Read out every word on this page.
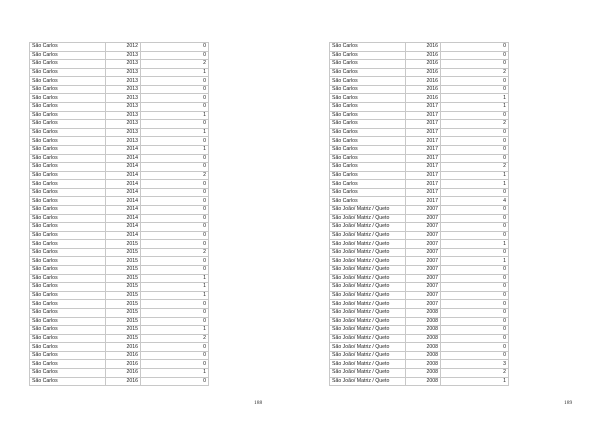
São Carlos	2012	0
São Carlos	2013	0
São Carlos	2013	2
São Carlos	2013	1
São Carlos	2013	0
São Carlos	2013	0
São Carlos	2013	0
São Carlos	2013	0
São Carlos	2013	1
São Carlos	2013	0
São Carlos	2013	1
São Carlos	2013	0
São Carlos	2014	1
São Carlos	2014	0
São Carlos	2014	0
São Carlos	2014	2
São Carlos	2014	0
São Carlos	2014	0
São Carlos	2014	0
São Carlos	2014	0
São Carlos	2014	0
São Carlos	2014	0
São Carlos	2014	0
São Carlos	2015	0
São Carlos	2015	2
São Carlos	2015	0
São Carlos	2015	0
São Carlos	2015	1
São Carlos	2015	1
São Carlos	2015	1
São Carlos	2015	0
São Carlos	2015	0
São Carlos	2015	0
São Carlos	2015	1
São Carlos	2015	2
São Carlos	2016	0
São Carlos	2016	0
São Carlos	2016	0
São Carlos	2016	1
São Carlos	2016	0
188
São Carlos	2016	0
São Carlos	2016	0
São Carlos	2016	0
São Carlos	2016	2
São Carlos	2016	0
São Carlos	2016	0
São Carlos	2016	1
São Carlos	2017	1
São Carlos	2017	0
São Carlos	2017	2
São Carlos	2017	0
São Carlos	2017	0
São Carlos	2017	0
São Carlos	2017	0
São Carlos	2017	2
São Carlos	2017	1
São Carlos	2017	1
São Carlos	2017	0
São Carlos	2017	4
São João/ Matriz / Queto	2007	0
São João/ Matriz / Queto	2007	0
São João/ Matriz / Queto	2007	0
São João/ Matriz / Queto	2007	0
São João/ Matriz / Queto	2007	1
São João/ Matriz / Queto	2007	0
São João/ Matriz / Queto	2007	1
São João/ Matriz / Queto	2007	0
São João/ Matriz / Queto	2007	0
São João/ Matriz / Queto	2007	0
São João/ Matriz / Queto	2007	0
São João/ Matriz / Queto	2007	0
São João/ Matriz / Queto	2008	0
São João/ Matriz / Queto	2008	0
São João/ Matriz / Queto	2008	0
São João/ Matriz / Queto	2008	0
São João/ Matriz / Queto	2008	0
São João/ Matriz / Queto	2008	0
São João/ Matriz / Queto	2008	3
São João/ Matriz / Queto	2008	2
São João/ Matriz / Queto	2008	1
189
